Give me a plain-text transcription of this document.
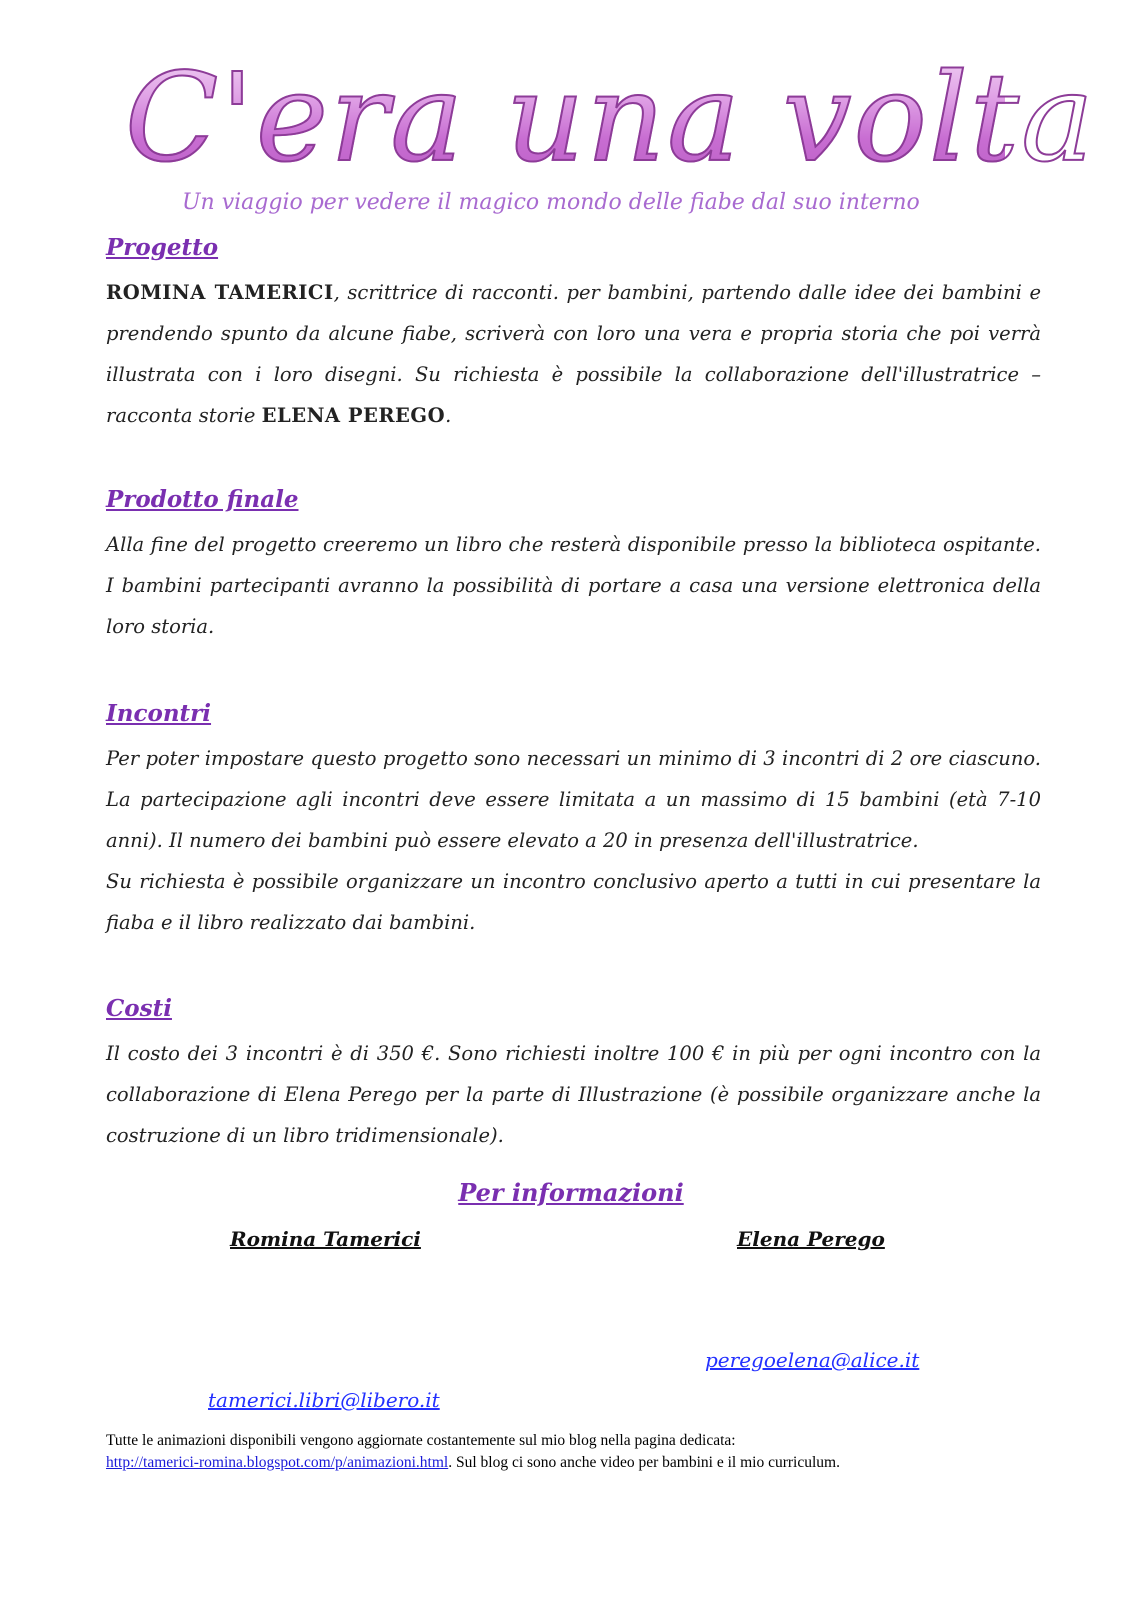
C'era una volta

Un viaggio per vedere il magico mondo delle fiabe dal suo interno

Progetto

ROMINA TAMERICI, scrittrice di racconti. per bambini, partendo dalle idee dei bambini e prendendo spunto da alcune fiabe, scriverà con loro una vera e propria storia che poi verrà illustrata con i loro disegni. Su richiesta è possibile la collaborazione dell'illustratrice – racconta storie ELENA PEREGO.

Prodotto finale

Alla fine del progetto creeremo un libro che resterà disponibile presso la biblioteca ospitante. I bambini partecipanti avranno la possibilità di portare a casa una versione elettronica della loro storia.

Incontri

Per poter impostare questo progetto sono necessari un minimo di 3 incontri di 2 ore ciascuno. La partecipazione agli incontri deve essere limitata a un massimo di 15 bambini (età 7-10 anni). Il numero dei bambini può essere elevato a 20 in presenza dell'illustratrice.

Su richiesta è possibile organizzare un incontro conclusivo aperto a tutti in cui presentare la fiaba e il libro realizzato dai bambini.

Costi

Il costo dei 3 incontri è di 350 €. Sono richiesti inoltre 100 € in più per ogni incontro con la collaborazione di Elena Perego per la parte di Illustrazione (è possibile organizzare anche la costruzione di un libro tridimensionale).

Per informazioni

Romina Tamerici	Elena Perego

peregoelena@alice.it

tamerici.libri@libero.it

Tutte le animazioni disponibili vengono aggiornate costantemente sul mio blog nella pagina dedicata:
http://tamerici-romina.blogspot.com/p/animazioni.html. Sul blog ci sono anche video per bambini e il mio curriculum.
